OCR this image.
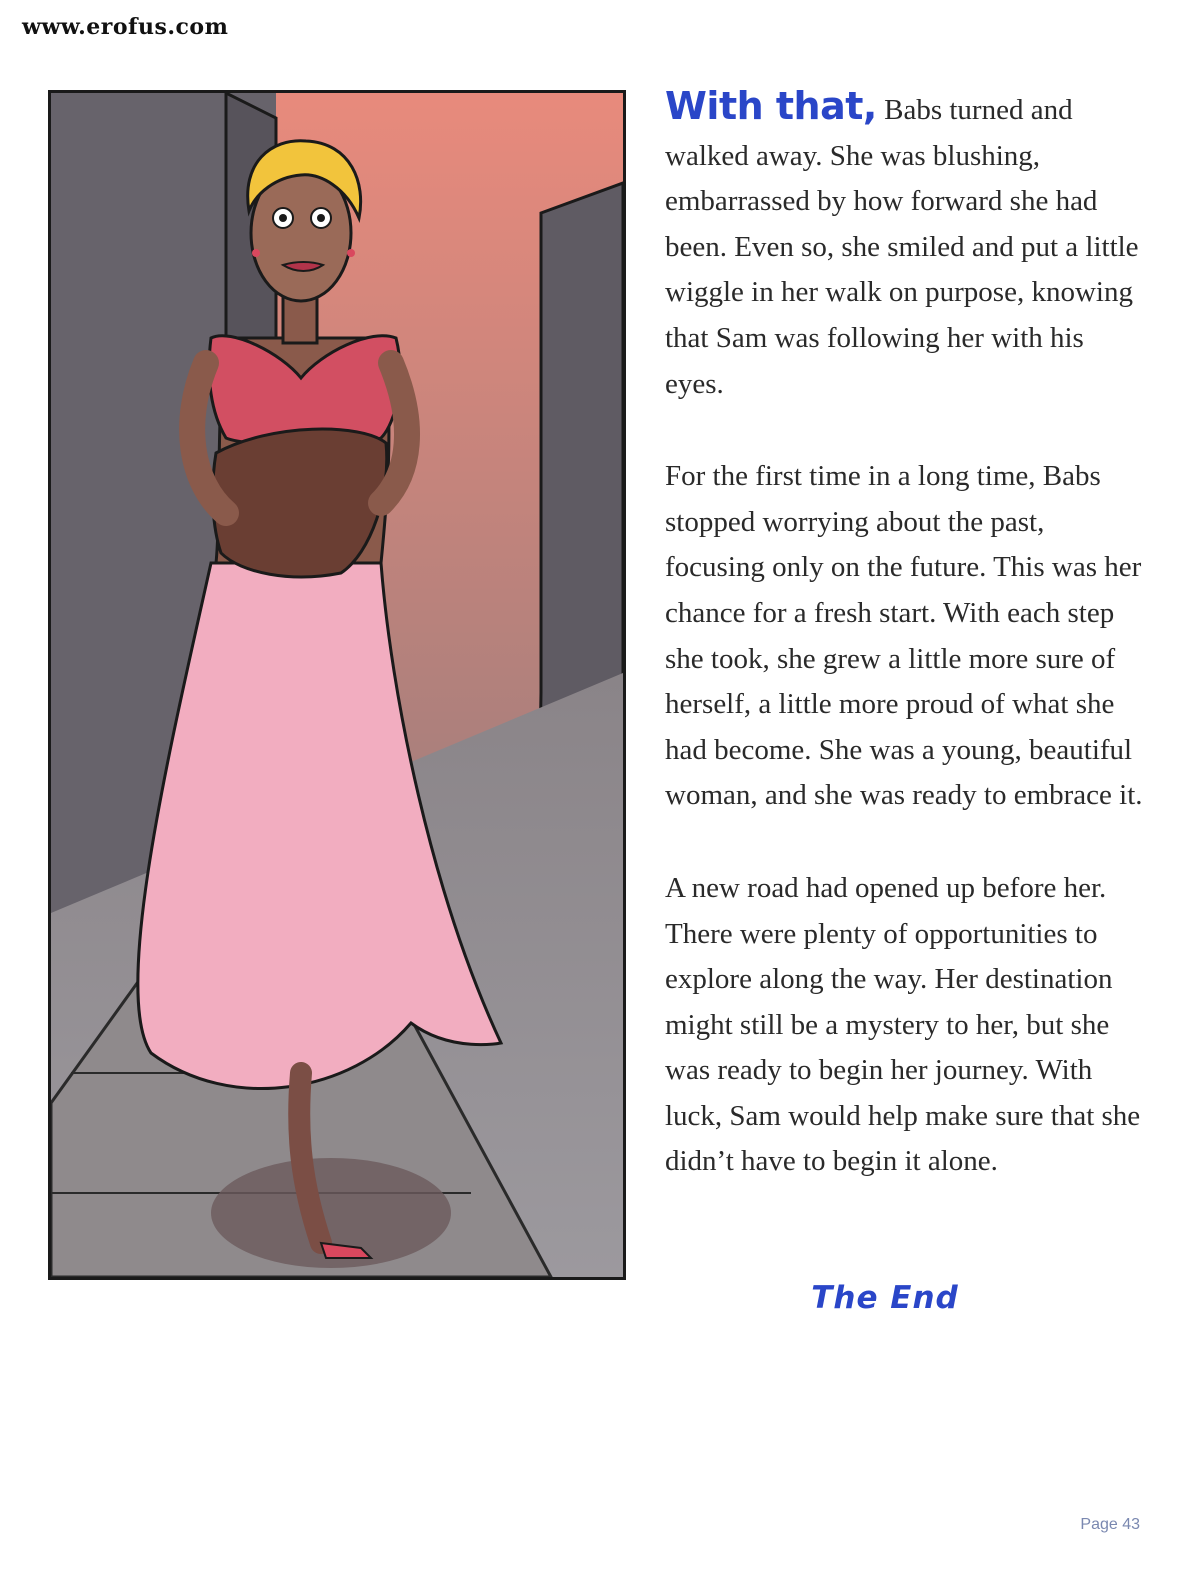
www.erofus.com

With that, Babs turned and walked away. She was blushing, embarrassed by how forward she had been. Even so, she smiled and put a little wiggle in her walk on purpose, knowing that Sam was following her with his eyes.

For the first time in a long time, Babs stopped worrying about the past, focusing only on the future. This was her chance for a fresh start. With each step she took, she grew a little more sure of herself, a little more proud of what she had become. She was a young, beautiful woman, and she was ready to embrace it.

A new road had opened up before her. There were plenty of opportunities to explore along the way. Her destination might still be a mystery to her, but she was ready to begin her journey. With luck, Sam would help make sure that she didn’t have to begin it alone.

The End
Page 43
